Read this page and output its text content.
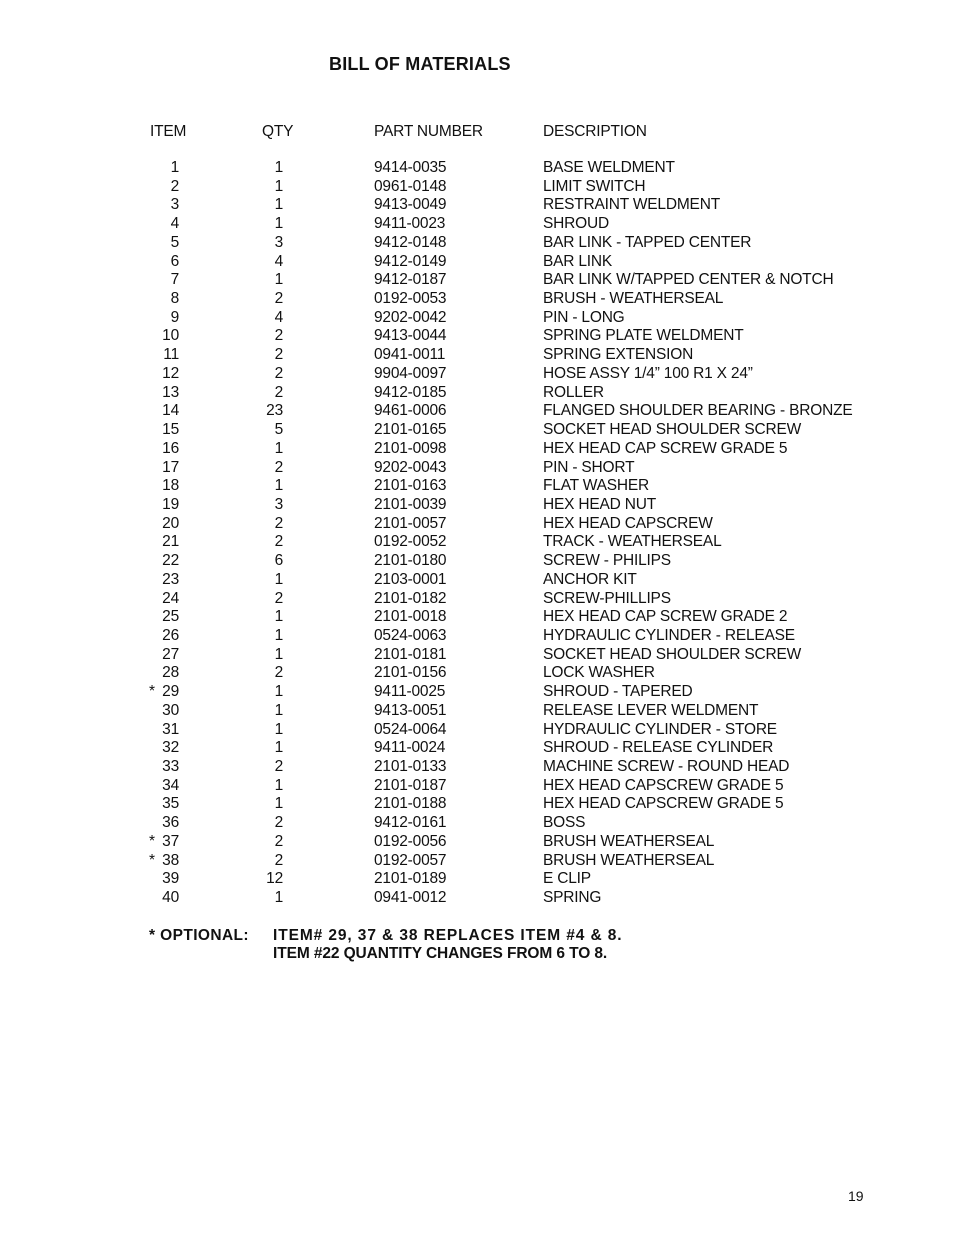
BILL OF MATERIALS
ITEM	QTY	PART NUMBER	DESCRIPTION
1	1	9414-0035	BASE WELDMENT
2	1	0961-0148	LIMIT SWITCH
3	1	9413-0049	RESTRAINT WELDMENT
4	1	9411-0023	SHROUD
5	3	9412-0148	BAR LINK - TAPPED CENTER
6	4	9412-0149	BAR LINK
7	1	9412-0187	BAR LINK W/TAPPED CENTER & NOTCH
8	2	0192-0053	BRUSH - WEATHERSEAL
9	4	9202-0042	PIN - LONG
10	2	9413-0044	SPRING PLATE WELDMENT
11	2	0941-0011	SPRING EXTENSION
12	2	9904-0097	HOSE ASSY 1/4” 100 R1 X 24”
13	2	9412-0185	ROLLER
14	23	9461-0006	FLANGED SHOULDER BEARING - BRONZE
15	5	2101-0165	SOCKET HEAD SHOULDER SCREW
16	1	2101-0098	HEX HEAD CAP SCREW GRADE 5
17	2	9202-0043	PIN - SHORT
18	1	2101-0163	FLAT WASHER
19	3	2101-0039	HEX HEAD NUT
20	2	2101-0057	HEX HEAD CAPSCREW
21	2	0192-0052	TRACK - WEATHERSEAL
22	6	2101-0180	SCREW - PHILIPS
23	1	2103-0001	ANCHOR KIT
24	2	2101-0182	SCREW-PHILLIPS
25	1	2101-0018	HEX HEAD CAP SCREW GRADE 2
26	1	0524-0063	HYDRAULIC CYLINDER - RELEASE
27	1	2101-0181	SOCKET HEAD SHOULDER SCREW
28	2	2101-0156	LOCK WASHER
* 29	1	9411-0025	SHROUD - TAPERED
30	1	9413-0051	RELEASE LEVER WELDMENT
31	1	0524-0064	HYDRAULIC CYLINDER - STORE
32	1	9411-0024	SHROUD - RELEASE CYLINDER
33	2	2101-0133	MACHINE SCREW - ROUND HEAD
34	1	2101-0187	HEX HEAD CAPSCREW GRADE 5
35	1	2101-0188	HEX HEAD CAPSCREW GRADE 5
36	2	9412-0161	BOSS
* 37	2	0192-0056	BRUSH WEATHERSEAL
* 38	2	0192-0057	BRUSH WEATHERSEAL
39	12	2101-0189	E CLIP
40	1	0941-0012	SPRING
* OPTIONAL: ITEM# 29, 37 & 38 REPLACES ITEM #4 & 8.
ITEM #22 QUANTITY CHANGES FROM 6 TO 8.
19
